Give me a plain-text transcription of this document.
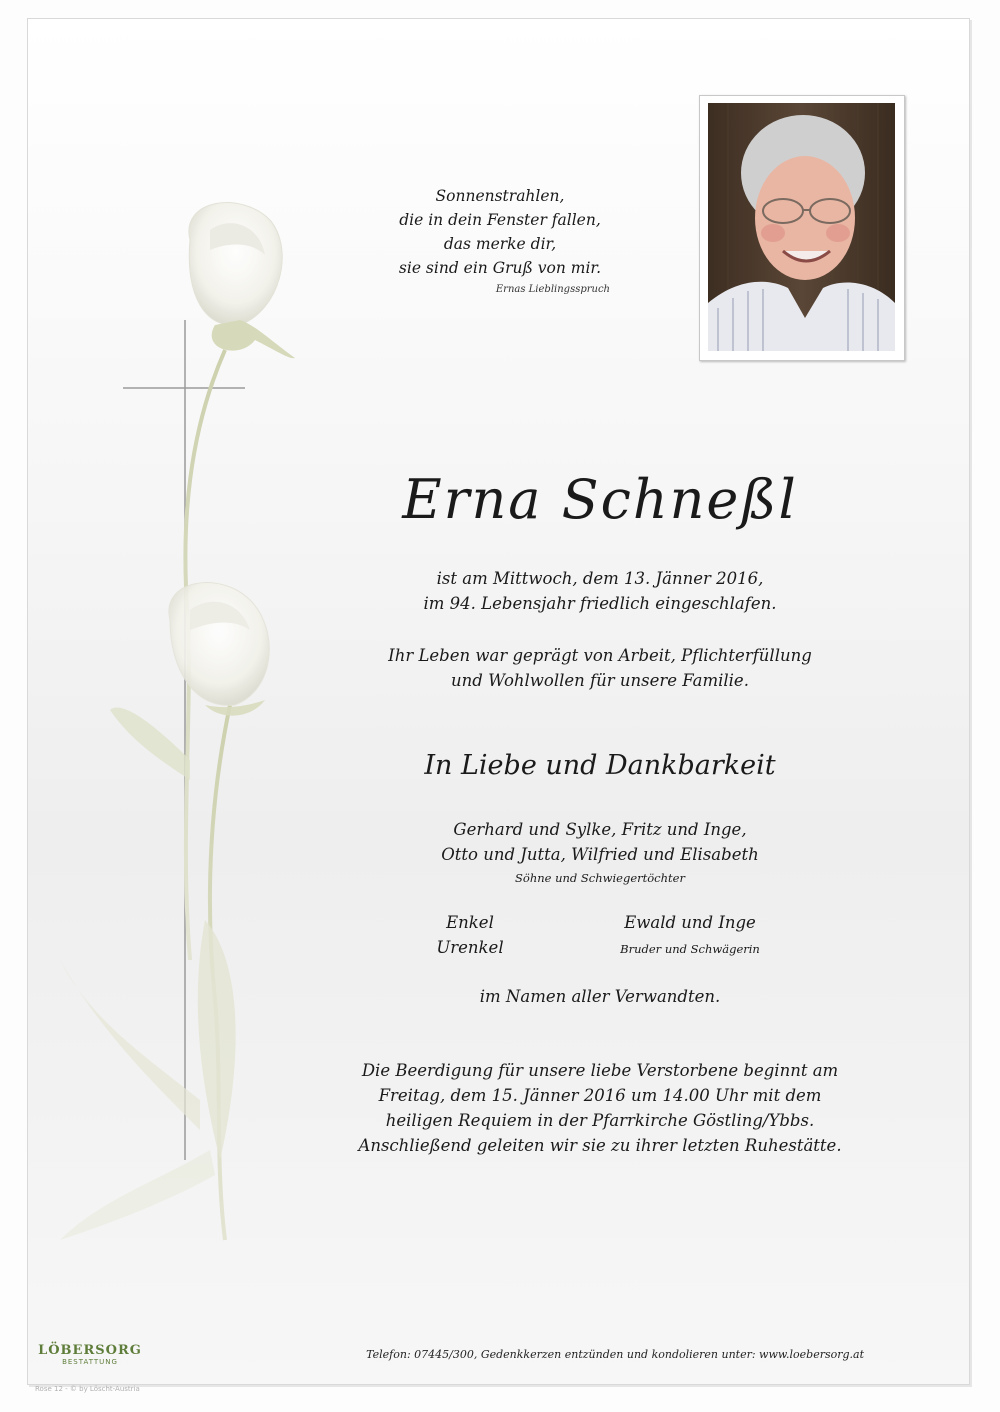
Sonnenstrahlen,
die in dein Fenster fallen,
das merke dir,
sie sind ein Gruß von mir.
Ernas Lieblingsspruch
Erna Schneßl
ist am Mittwoch, dem 13. Jänner 2016,
im 94. Lebensjahr friedlich eingeschlafen.
Ihr Leben war geprägt von Arbeit, Pflichterfüllung
und Wohlwollen für unsere Familie.
In Liebe und Dankbarkeit
Gerhard und Sylke, Fritz und Inge,
Otto und Jutta, Wilfried und Elisabeth
Söhne und Schwiegertöchter
Enkel
Urenkel
Ewald und Inge
Bruder und Schwägerin
im Namen aller Verwandten.
Die Beerdigung für unsere liebe Verstorbene beginnt am
Freitag, dem 15. Jänner 2016 um 14.00 Uhr mit dem
heiligen Requiem in der Pfarrkirche Göstling/Ybbs.
Anschließend geleiten wir sie zu ihrer letzten Ruhestätte.
LÖBERSORG
BESTATTUNG
Telefon: 07445/300, Gedenkkerzen entzünden und kondolieren unter: www.loebersorg.at
Rose 12 - © by Löscht-Austria
